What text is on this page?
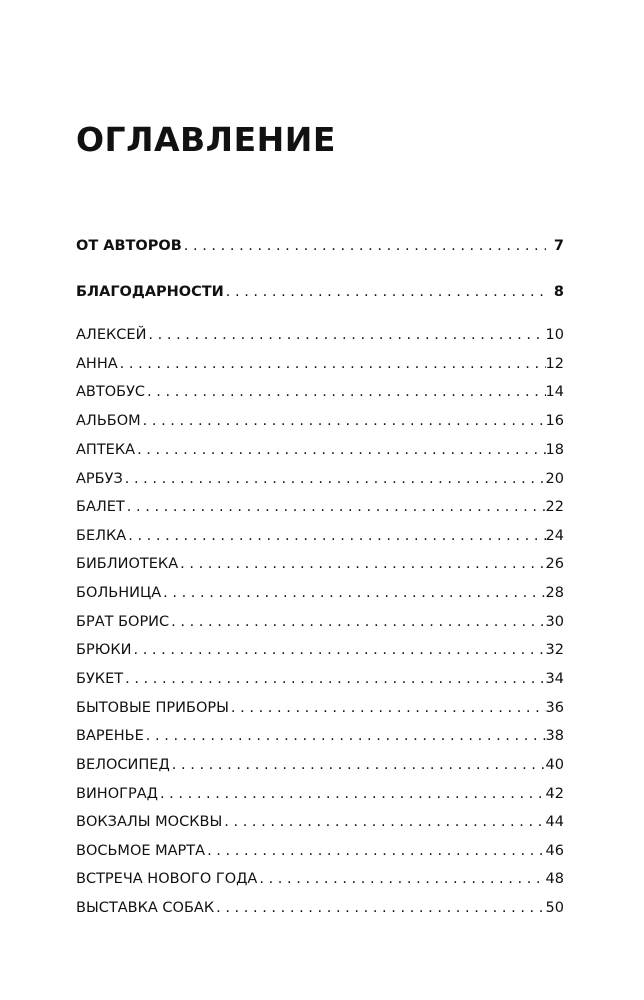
ОГЛАВЛЕНИЕ
ОТ АВТОРОВ . . .	7
БЛАГОДАРНОСТИ . . .	8
АЛЕКСЕЙ . . .	10
АННА . . .	12
АВТОБУС . . .	14
АЛЬБОМ . . .	16
АПТЕКА . . .	18
АРБУЗ . . .	20
БАЛЕТ . . .	22
БЕЛКА . . .	24
БИБЛИОТЕКА . . .	26
БОЛЬНИЦА . . .	28
БРАТ БОРИС . . .	30
БРЮКИ . . .	32
БУКЕТ . . .	34
БЫТОВЫЕ ПРИБОРЫ . . .	36
ВАРЕНЬЕ . . .	38
ВЕЛОСИПЕД . . .	40
ВИНОГРАД . . .	42
ВОКЗАЛЫ МОСКВЫ . . .	44
ВОСЬМОЕ МАРТА . . .	46
ВСТРЕЧА НОВОГО ГОДА . . .	48
ВЫСТАВКА СОБАК . . .	50
